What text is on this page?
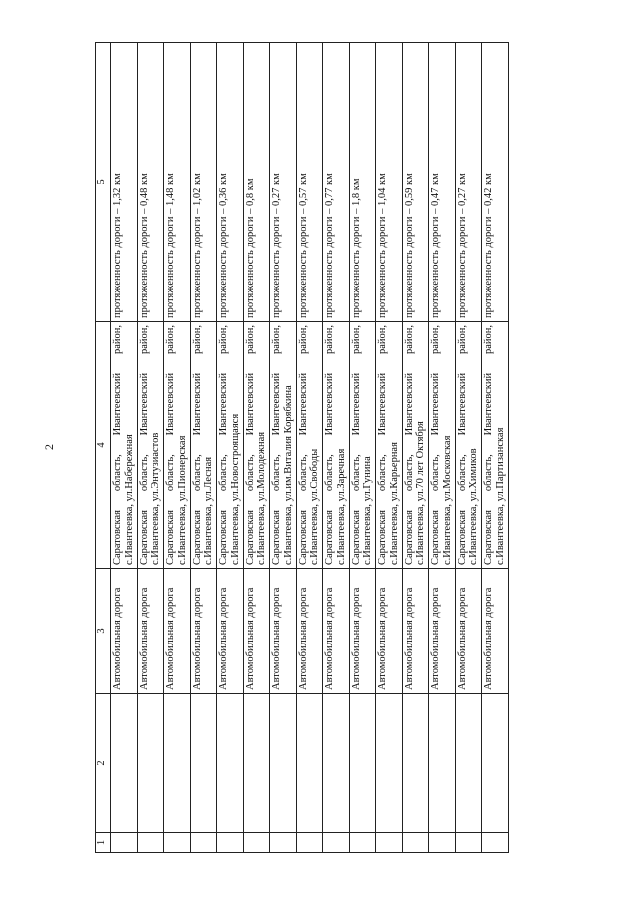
2
1	2	3	4	5
		Автомобильная дорога	Саратовская область, Ивантеевский район, с.Ивантеевка, ул.Набережная	протяженность дороги – 1,32 км
		Автомобильная дорога	Саратовская область, Ивантеевский район, с.Ивантеевка, ул.Энтузиастов	протяженность дороги – 0,48 км
		Автомобильная дорога	Саратовская область, Ивантеевский район, с.Ивантеевка, ул.Пионерская	протяженность дороги – 1,48 км
		Автомобильная дорога	Саратовская область, Ивантеевский район, с.Ивантеевка, ул.Лесная	протяженность дороги – 1,02 км
		Автомобильная дорога	Саратовская область, Ивантеевский район, с.Ивантеевка, ул.Новостроящаяся	протяженность дороги – 0,36 км
		Автомобильная дорога	Саратовская область, Ивантеевский район, с.Ивантеевка, ул.Молодежная	протяженность дороги – 0,8 км
		Автомобильная дорога	Саратовская область, Ивантеевский район, с.Ивантеевка, ул.им.Виталия Корябкина	протяженность дороги – 0,27 км
		Автомобильная дорога	Саратовская область, Ивантеевский район, с.Ивантеевка, ул.Свободы	протяженность дороги – 0,57 км
		Автомобильная дорога	Саратовская область, Ивантеевский район, с.Ивантеевка, ул.Заречная	протяженность дороги – 0,77 км
		Автомобильная дорога	Саратовская область, Ивантеевский район, с.Ивантеевка, ул.Гунина	протяженность дороги – 1,8 км
		Автомобильная дорога	Саратовская область, Ивантеевский район, с.Ивантеевка, ул.Карьерная	протяженность дороги – 1,04 км
		Автомобильная дорога	Саратовская область, Ивантеевский район, с.Ивантеевка, ул.70 лет Октября	протяженность дороги – 0,59 км
		Автомобильная дорога	Саратовская область, Ивантеевский район, с.Ивантеевка, ул.Московская	протяженность дороги – 0,47 км
		Автомобильная дорога	Саратовская область, Ивантеевский район, с.Ивантеевка, ул.Химиков	протяженность дороги – 0,27 км
		Автомобильная дорога	Саратовская область, Ивантеевский район, с.Ивантеевка, ул.Партизанская	протяженность дороги – 0,42 км
